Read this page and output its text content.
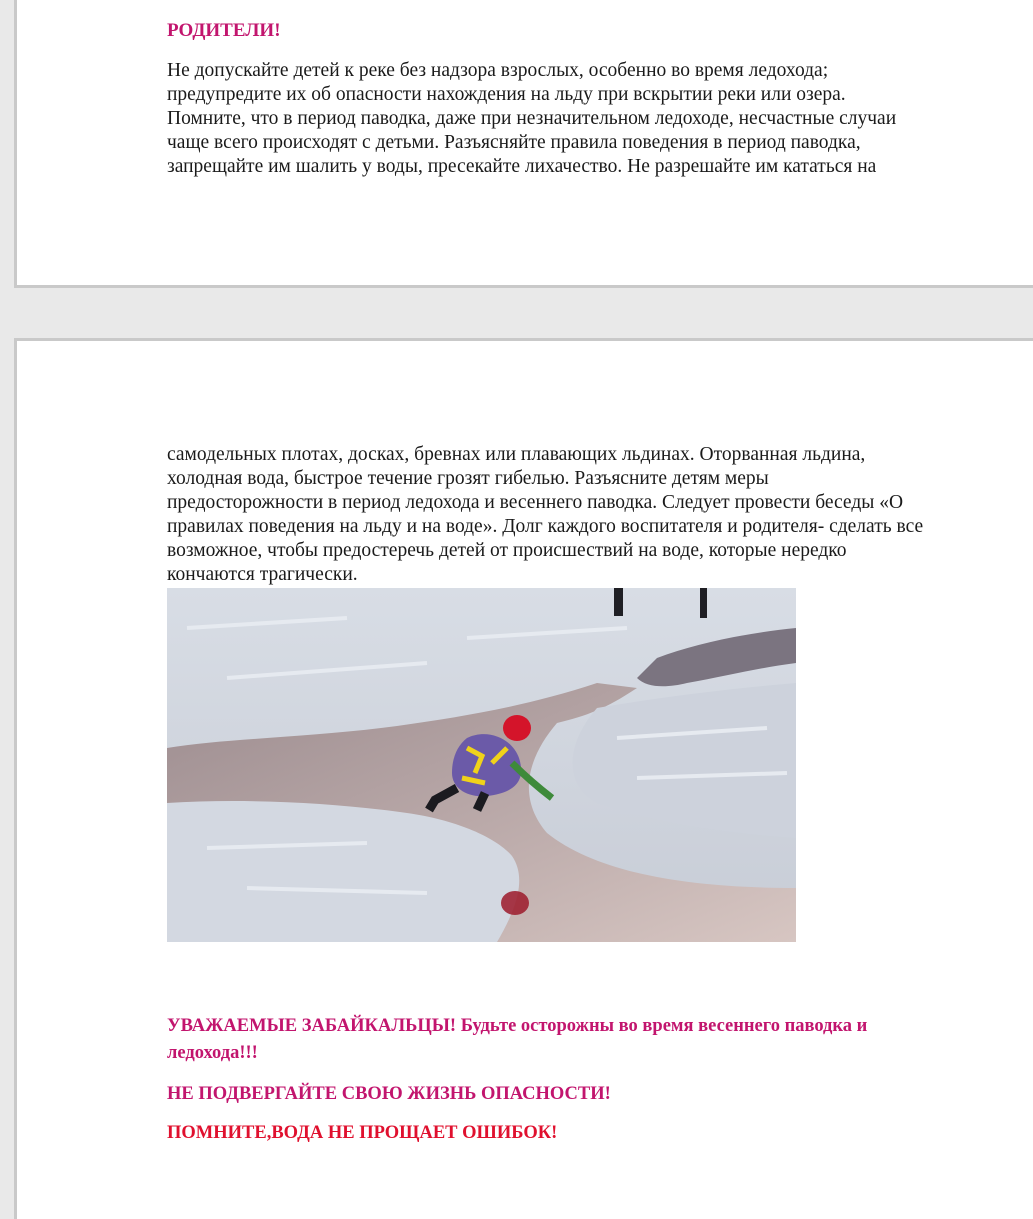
РОДИТЕЛИ!

Не допускайте детей к реке без надзора взрослых, особенно во время ледохода;
предупредите их об опасности нахождения на льду при вскрытии реки или озера.
Помните, что в период паводка, даже при незначительном ледоходе, несчастные случаи
чаще всего происходят с детьми. Разъясняйте правила поведения в период паводка,
запрещайте им шалить у воды, пресекайте лихачество. Не разрешайте им кататься на

самодельных плотах, досках, бревнах или плавающих льдинах. Оторванная льдина,
холодная вода, быстрое течение грозят гибелью. Разъясните детям меры
предосторожности в период ледохода и весеннего паводка. Следует провести беседы «О
правилах поведения на льду и на воде». Долг каждого воспитателя и родителя- сделать все
возможное, чтобы предостеречь детей от происшествий на воде, которые нередко
кончаются трагически.

УВАЖАЕМЫЕ ЗАБАЙКАЛЬЦЫ! Будьте осторожны во время весеннего паводка и

ледохода!!!

НЕ ПОДВЕРГАЙТЕ СВОЮ ЖИЗНЬ ОПАСНОСТИ!

ПОМНИТЕ,ВОДА НЕ ПРОЩАЕТ ОШИБОК!
